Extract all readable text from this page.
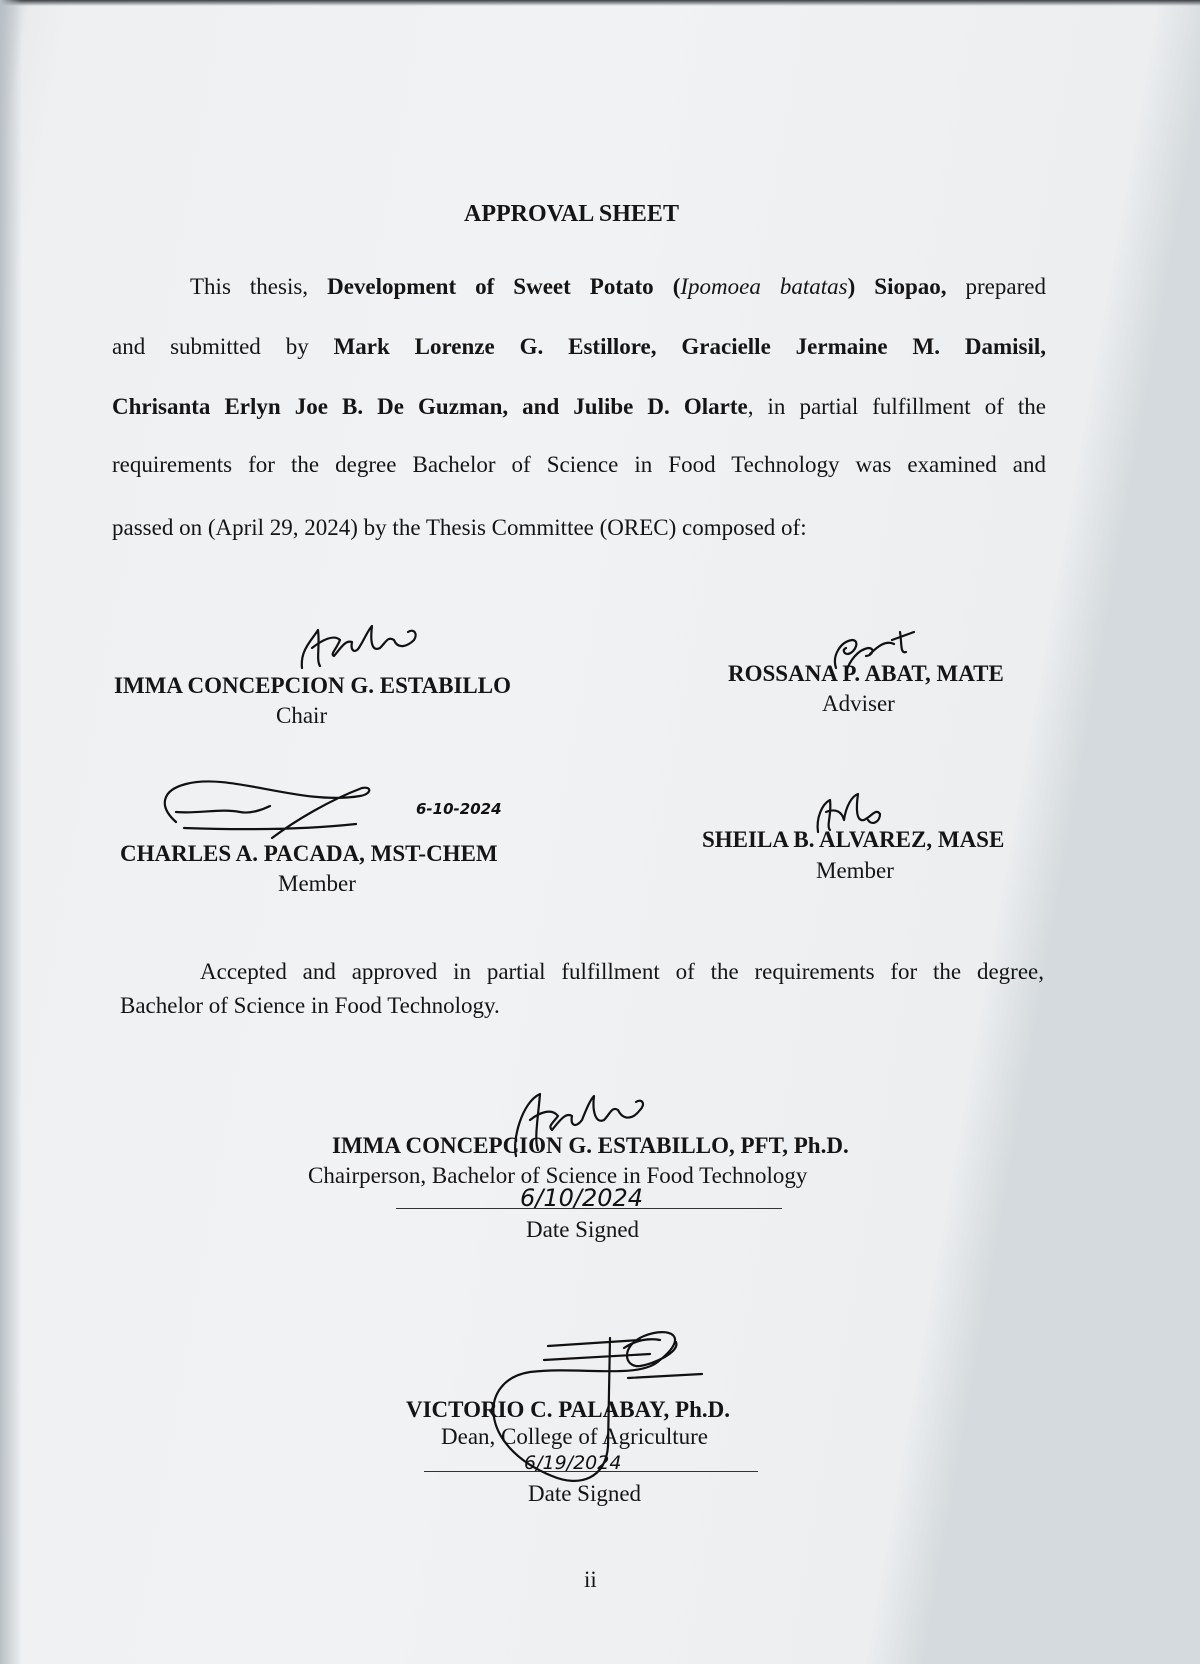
APPROVAL SHEET
This thesis, Development of Sweet Potato (Ipomoea batatas) Siopao, prepared
and submitted by Mark Lorenze G. Estillore, Gracielle Jermaine M. Damisil,
Chrisanta Erlyn Joe B. De Guzman, and Julibe D. Olarte, in partial fulfillment of the
requirements for the degree Bachelor of Science in Food Technology was examined and
passed on (April 29, 2024) by the Thesis Committee (OREC) composed of:
IMMA CONCEPCION G. ESTABILLO
Chair
ROSSANA P. ABAT, MATE
Adviser
CHARLES A. PACADA, MST-CHEM
Member
6-10-2024
SHEILA B. ALVAREZ, MASE
Member
Accepted and approved in partial fulfillment of the requirements for the degree,
Bachelor of Science in Food Technology.
IMMA CONCEPCION G. ESTABILLO, PFT, Ph.D.
Chairperson, Bachelor of Science in Food Technology
6/10/2024
Date Signed
VICTORIO C. PALABAY, Ph.D.
Dean, College of Agriculture
6/19/2024
Date Signed
ii
